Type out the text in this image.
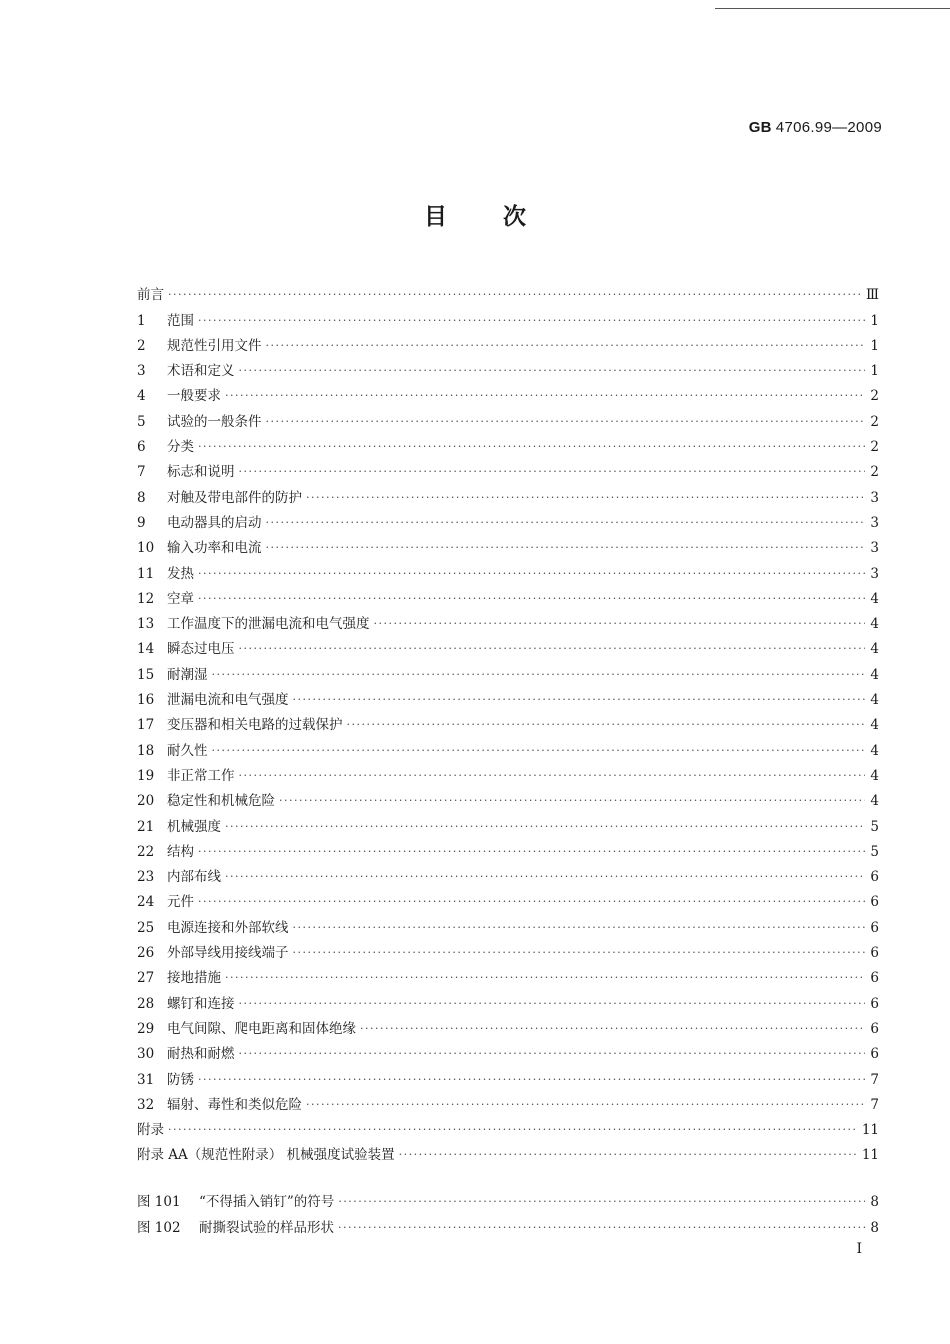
GB 4706.99—2009
目 次
前言 ·····	Ⅲ
1	范围 ·····	1
2	规范性引用文件 ·····	1
3	术语和定义 ·····	1
4	一般要求 ·····	2
5	试验的一般条件 ·····	2
6	分类 ·····	2
7	标志和说明 ·····	2
8	对触及带电部件的防护 ·····	3
9	电动器具的启动 ·····	3
10 输入功率和电流 ·····	3
11 发热 ·····	3
12 空章 ·····	4
13 工作温度下的泄漏电流和电气强度 ·····	4
14 瞬态过电压 ·····	4
15 耐潮湿 ·····	4
16 泄漏电流和电气强度 ·····	4
17 变压器和相关电路的过载保护 ·····	4
18 耐久性 ·····	4
19 非正常工作 ·····	4
20 稳定性和机械危险 ·····	4
21 机械强度 ·····	5
22 结构 ·····	5
23 内部布线 ·····	6
24 元件 ·····	6
25 电源连接和外部软线 ·····	6
26 外部导线用接线端子 ·····	6
27 接地措施 ·····	6
28 螺钉和连接 ·····	6
29 电气间隙、爬电距离和固体绝缘 ·····	6
30 耐热和耐燃 ·····	6
31 防锈 ·····	7
32 辐射、毒性和类似危险 ·····	7
附录 ·····	11
附录 AA（规范性附录） 机械强度试验装置 ·····	11
图 101	“不得插入销钉”的符号 ·····	8
图 102	耐撕裂试验的样品形状 ·····	8
I
